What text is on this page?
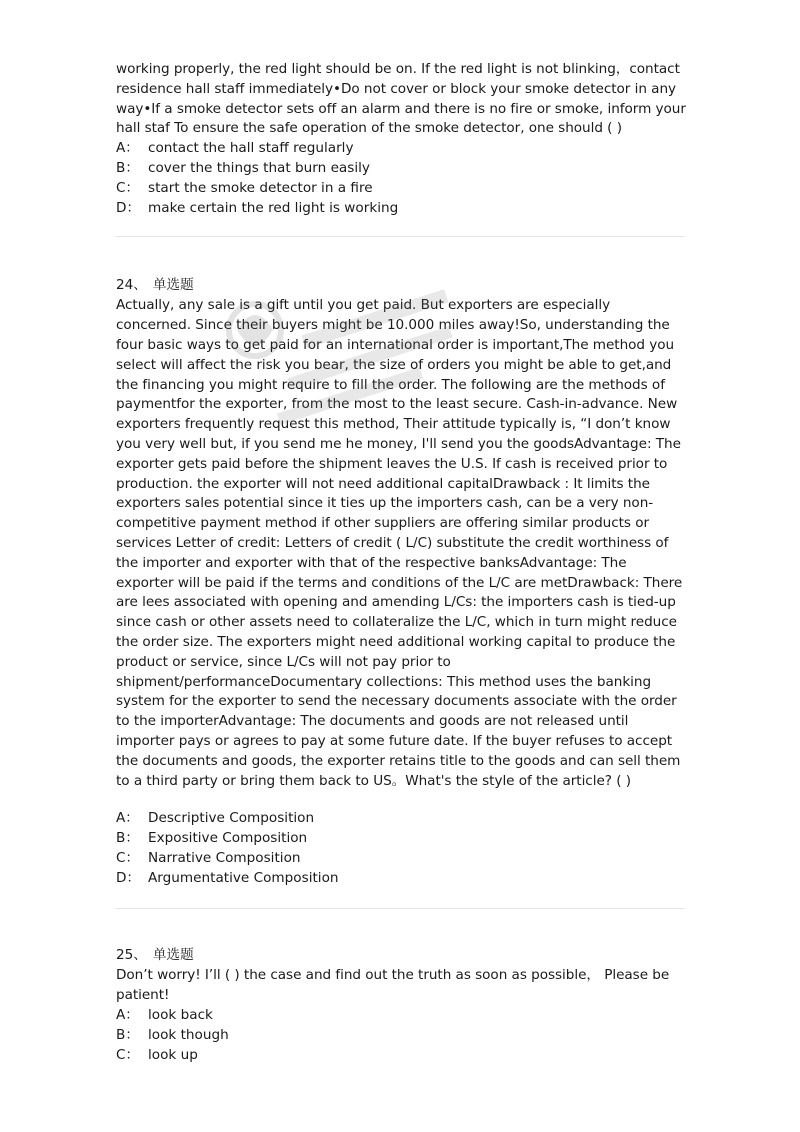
working properly, the red light should be on. If the red light is not blinking，contact residence hall staff immediately•Do not cover or block your smoke detector in any way•If a smoke detector sets off an alarm and there is no fire or smoke, inform your hall staf To ensure the safe operation of the smoke detector, one should ( )

A： contact the hall staff regularly
B： cover the things that burn easily
C： start the smoke detector in a fire
D： make certain the red light is working
24、 单选题

Actually, any sale is a gift until you get paid. But exporters are especially concerned. Since their buyers might be 10.000 miles away!So, understanding the four basic ways to get paid for an international order is important,The method you select will affect the risk you bear, the size of orders you might be able to get,and the financing you might require to fill the order. The following are the methods of paymentfor the exporter, from the most to the least secure. Cash-in-advance. New exporters frequently request this method, Their attitude typically is, “I don’t know you very well but, if you send me he money, I'll send you the goodsAdvantage: The exporter gets paid before the shipment leaves the U.S. If cash is received prior to production. the exporter will not need additional capitalDrawback : It limits the exporters sales potential since it ties up the importers cash, can be a very non-competitive payment method if other suppliers are offering similar products or services Letter of credit: Letters of credit ( L/C) substitute the credit worthiness of the importer and exporter with that of the respective banksAdvantage: The exporter will be paid if the terms and conditions of the L/C are metDrawback: There are lees associated with opening and amending L/Cs: the importers cash is tied-up since cash or other assets need to collateralize the L/C, which in turn might reduce the order size. The exporters might need additional working capital to produce the product or service, since L/Cs will not pay prior to shipment/performanceDocumentary collections: This method uses the banking system for the exporter to send the necessary documents associate with the order to the importerAdvantage: The documents and goods are not released until importer pays or agrees to pay at some future date. If the buyer refuses to accept the documents and goods, the exporter retains title to the goods and can sell them to a third party or bring them back to US。What's the style of the article? ( )

A： Descriptive Composition
B： Expositive Composition
C： Narrative Composition
D： Argumentative Composition
25、 单选题

Don’t worry! I’ll ( ) the case and find out the truth as soon as possible， Please be patient!

A： look back
B： look though
C： look up
